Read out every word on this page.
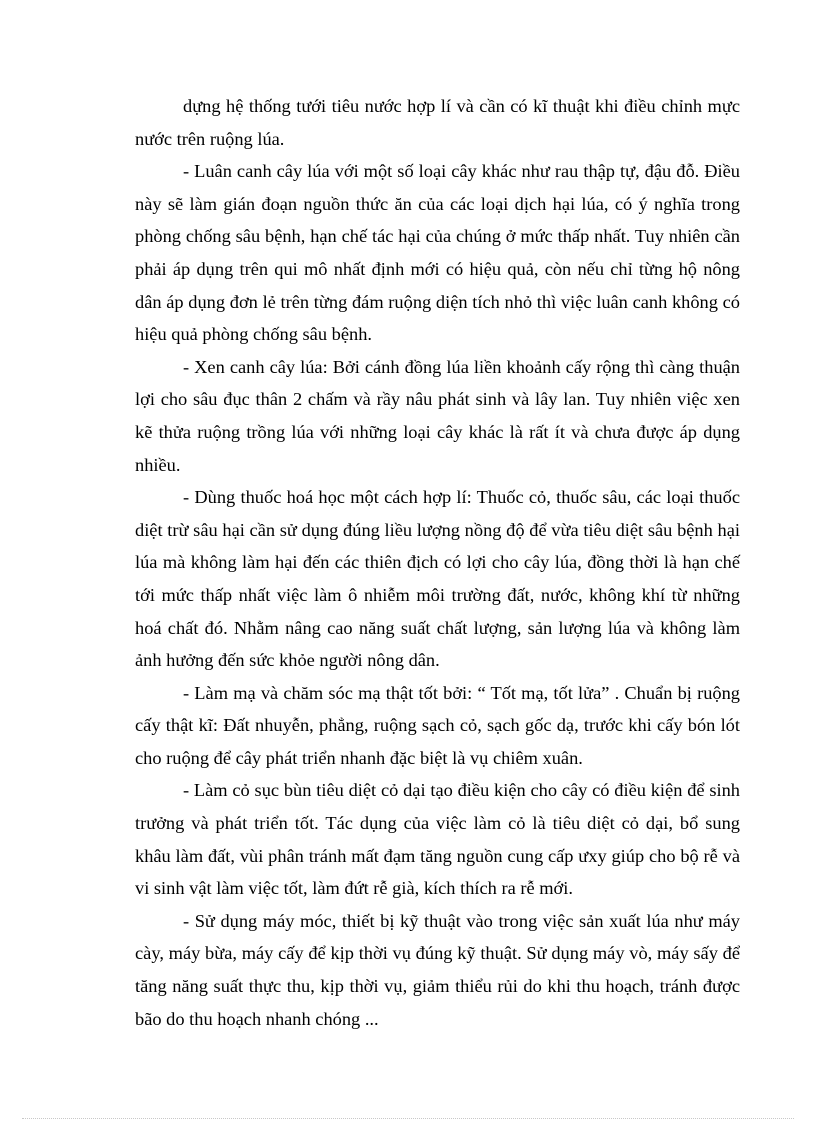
dựng hệ thống tưới tiêu nước hợp lí và cần có kĩ thuật khi điều chỉnh mực nước trên ruộng lúa.

- Luân canh cây lúa với một số loại cây khác như rau thập tự, đậu đỗ. Điều này sẽ làm gián đoạn nguồn thức ăn của các loại dịch hại lúa, có ý nghĩa trong phòng chống sâu bệnh, hạn chế tác hại của chúng ở mức thấp nhất. Tuy nhiên cần phải áp dụng trên qui mô nhất định mới có hiệu quả, còn nếu chỉ từng hộ nông dân áp dụng đơn lẻ trên từng đám ruộng diện tích nhỏ thì việc luân canh không có hiệu quả phòng chống sâu bệnh.

- Xen canh cây lúa: Bởi cánh đồng lúa liền khoảnh cấy rộng thì càng thuận lợi cho sâu đục thân 2 chấm và rầy nâu phát sinh và lây lan. Tuy nhiên việc xen kẽ thửa ruộng trồng lúa với những loại cây khác là rất ít và chưa được áp dụng nhiều.

- Dùng thuốc hoá học một cách hợp lí: Thuốc cỏ, thuốc sâu, các loại thuốc diệt trừ sâu hại cần sử dụng đúng liều lượng nồng độ để vừa tiêu diệt sâu bệnh hại lúa mà không làm hại đến các thiên địch có lợi cho cây lúa, đồng thời là hạn chế tới mức thấp nhất việc làm ô nhiễm môi trường đất, nước, không khí từ những hoá chất đó. Nhằm nâng cao năng suất chất lượng, sản lượng lúa và không làm ảnh hưởng đến sức khỏe người nông dân.

- Làm mạ và chăm sóc mạ thật tốt bởi: “ Tốt mạ, tốt lửa” . Chuẩn bị ruộng cấy thật kĩ: Đất nhuyễn, phẳng, ruộng sạch cỏ, sạch gốc dạ, trước khi cấy bón lót cho ruộng để cây phát triển nhanh đặc biệt là vụ chiêm xuân.

- Làm cỏ sục bùn tiêu diệt cỏ dại tạo điều kiện cho cây có điều kiện để sinh trưởng và phát triển tốt. Tác dụng của việc làm cỏ là tiêu diệt cỏ dại, bổ sung khâu làm đất, vùi phân tránh mất đạm tăng nguồn cung cấp ưxy giúp cho bộ rễ và vi sinh vật làm việc tốt, làm đứt rễ già, kích thích ra rễ mới.

- Sử dụng máy móc, thiết bị kỹ thuật vào trong việc sản xuất lúa như máy cày, máy bừa, máy cấy để kịp thời vụ đúng kỹ thuật. Sử dụng máy vò, máy sấy để tăng năng suất thực thu, kịp thời vụ, giảm thiểu rủi do khi thu hoạch, tránh được bão do thu hoạch nhanh chóng ...
